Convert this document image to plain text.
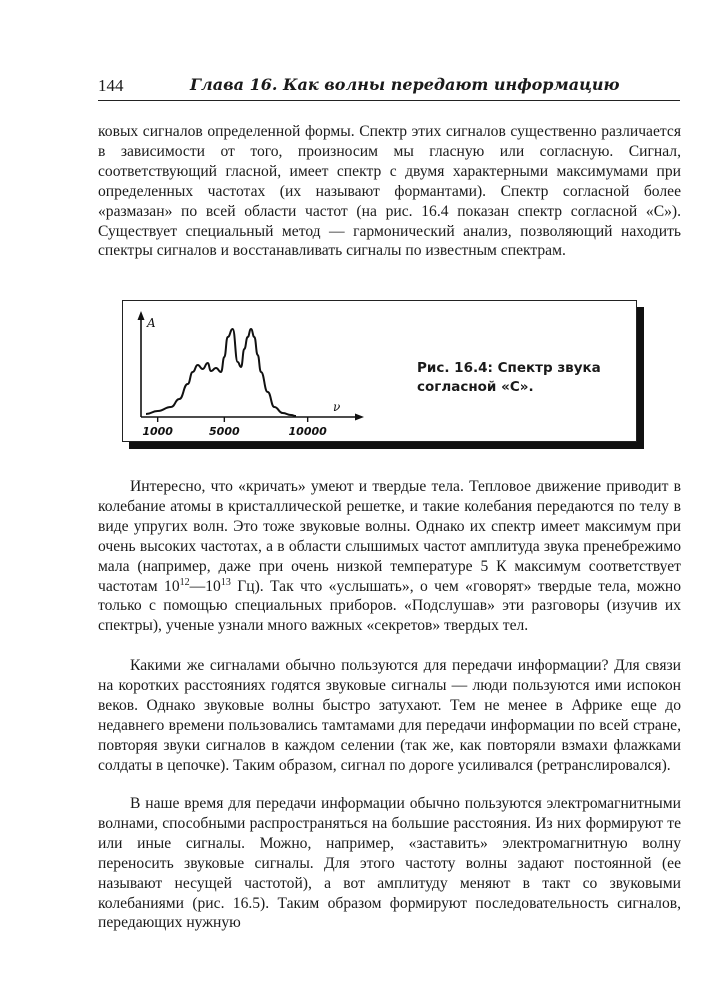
144	Глава 16. Как волны передают информацию

ковых сигналов определенной формы. Спектр этих сигналов существенно различается в зависимости от того, произносим мы гласную или согласную. Сигнал, соответствующий гласной, имеет спектр с двумя характерными максимумами при определенных частотах (их называют формантами). Спектр согласной более «размазан» по всей области частот (на рис. 16.4 показан спектр согласной «С»). Существует специальный метод — гармонический анализ, позволяющий находить спектры сигналов и восстанавливать сигналы по известным спектрам.

A
ν
1000	5000	10000
Рис. 16.4: Спектр звука согласной «С».

Интересно, что «кричать» умеют и твердые тела. Тепловое движение приводит в колебание атомы в кристаллической решетке, и такие колебания передаются по телу в виде упругих волн. Это тоже звуковые волны. Однако их спектр имеет максимум при очень высоких частотах, а в области слышимых частот амплитуда звука пренебрежимо мала (например, даже при очень низкой температуре 5 К максимум соответствует частотам $10^{12}—10^{13}$ Гц). Так что «услышать», о чем «говорят» твердые тела, можно только с помощью специальных приборов. «Подслушав» эти разговоры (изучив их спектры), ученые узнали много важных «секретов» твердых тел.

Какими же сигналами обычно пользуются для передачи информации? Для связи на коротких расстояниях годятся звуковые сигналы — люди пользуются ими испокон веков. Однако звуковые волны быстро затухают. Тем не менее в Африке еще до недавнего времени пользовались тамтамами для передачи информации по всей стране, повторяя звуки сигналов в каждом селении (так же, как повторяли взмахи флажками солдаты в цепочке). Таким образом, сигнал по дороге усиливался (ретранслировался).

В наше время для передачи информации обычно пользуются электромагнитными волнами, способными распространяться на большие расстояния. Из них формируют те или иные сигналы. Можно, например, «заставить» электромагнитную волну переносить звуковые сигналы. Для этого частоту волны задают постоянной (ее называют несущей частотой), а вот амплитуду меняют в такт со звуковыми колебаниями (рис. 16.5). Таким образом формируют последовательность сигналов, передающих нужную
